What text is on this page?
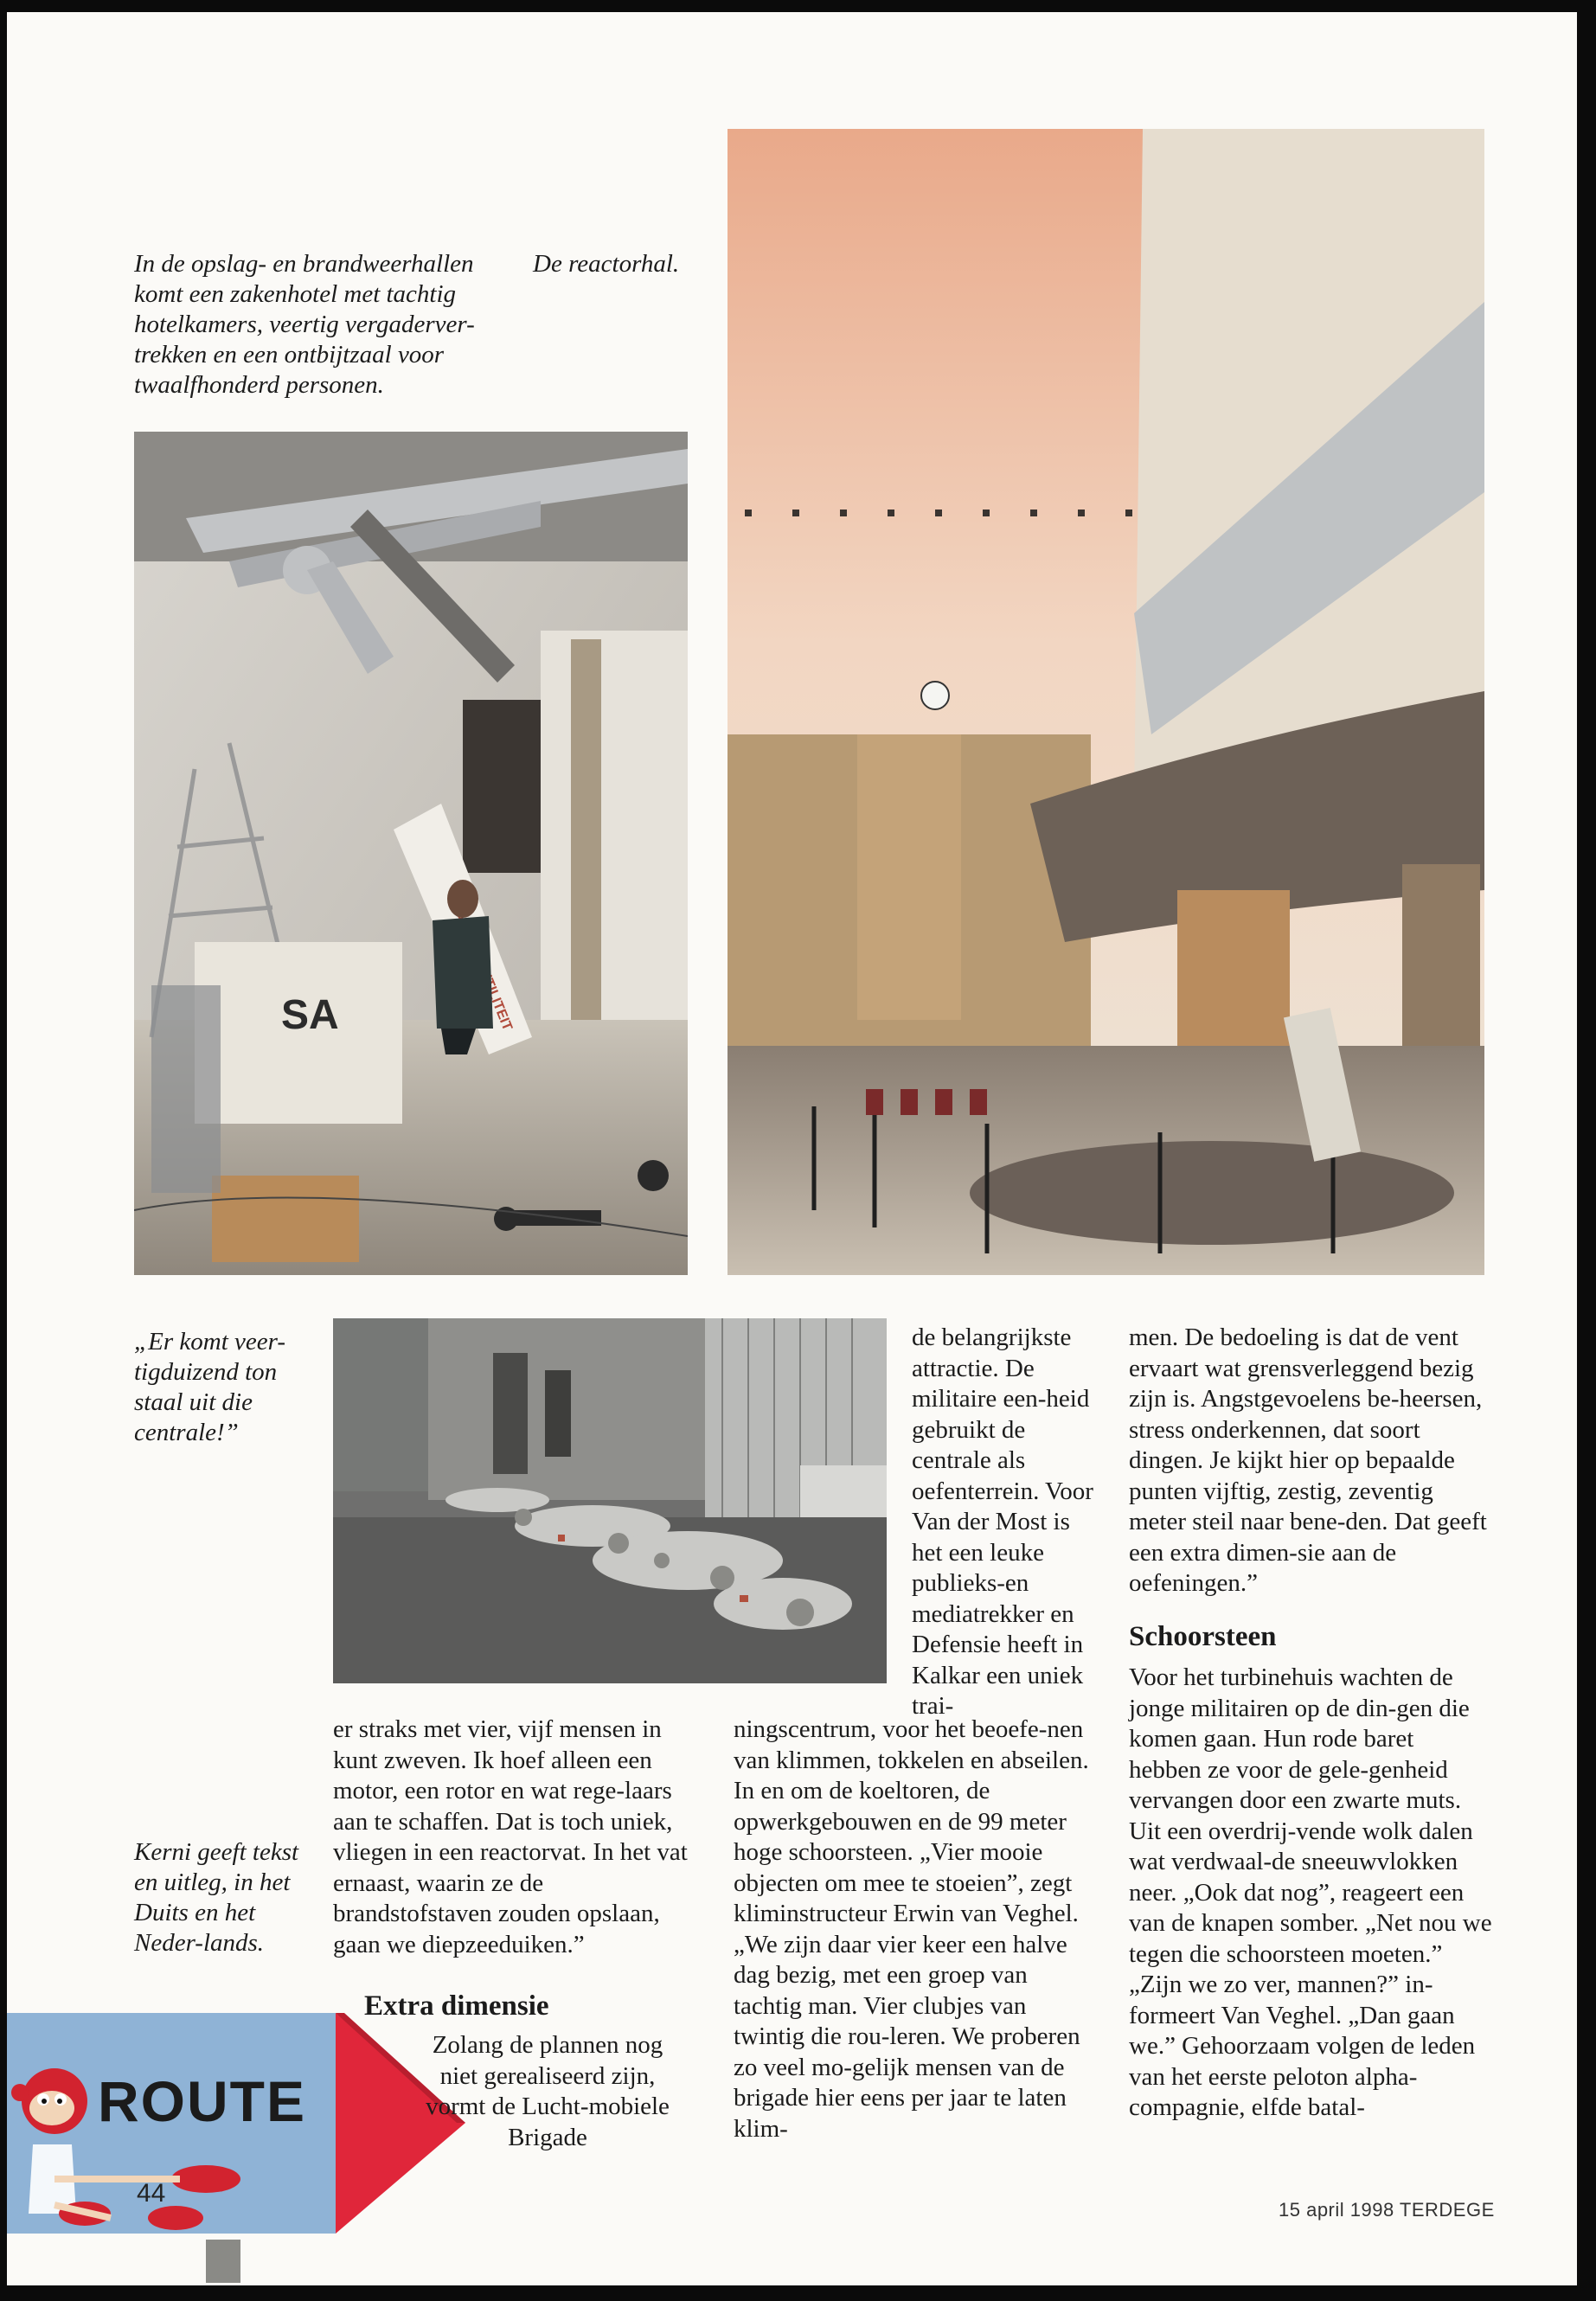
In de opslag- en brandweerhallen komt een zakenhotel met tachtig hotelkamers, veertig vergaderver-trekken en een ontbijtzaal voor twaalfhonderd personen.

De reactorhal.

SA	UTILITEIT

„Er komt veer-tigduizend ton staal uit die centrale!”

er straks met vier, vijf mensen in kunt zweven. Ik hoef alleen een motor, een rotor en wat rege-laars aan te schaffen. Dat is toch uniek, vliegen in een reactorvat. In het vat ernaast, waarin ze de brandstofstaven zouden opslaan, gaan we diepzeeduiken.”

Extra dimensie

Kerni geeft tekst en uitleg, in het Duits en het Neder-lands.

ROUTE
44

Zolang de plannen nog niet gerealiseerd zijn, vormt de Lucht-mobiele Brigade

de belangrijkste attractie. De militaire een-heid gebruikt de centrale als oefenterrein. Voor Van der Most is het een leuke publieks-en mediatrekker en Defensie heeft in Kalkar een uniek trai-

ningscentrum, voor het beoefe-nen van klimmen, tokkelen en abseilen. In en om de koeltoren, de opwerkgebouwen en de 99 meter hoge schoorsteen. „Vier mooie objecten om mee te stoeien”, zegt kliminstructeur Erwin van Veghel. „We zijn daar vier keer een halve dag bezig, met een groep van tachtig man. Vier clubjes van twintig die rou-leren. We proberen zo veel mo-gelijk mensen van de brigade hier eens per jaar te laten klim-

men. De bedoeling is dat de vent ervaart wat grensverleggend bezig zijn is. Angstgevoelens be-heersen, stress onderkennen, dat soort dingen. Je kijkt hier op bepaalde punten vijftig, zestig, zeventig meter steil naar bene-den. Dat geeft een extra dimen-sie aan de oefeningen.”

Schoorsteen

Voor het turbinehuis wachten de jonge militairen op de din-gen die komen gaan. Hun rode baret hebben ze voor de gele-genheid vervangen door een zwarte muts. Uit een overdrij-vende wolk dalen wat verdwaal-de sneeuwvlokken neer. „Ook dat nog”, reageert een van de knapen somber. „Net nou we tegen die schoorsteen moeten.” „Zijn we zo ver, mannen?” in-formeert Van Veghel. „Dan gaan we.” Gehoorzaam volgen de leden van het eerste peloton alpha-compagnie, elfde batal-

15 april 1998 TERDEGE
